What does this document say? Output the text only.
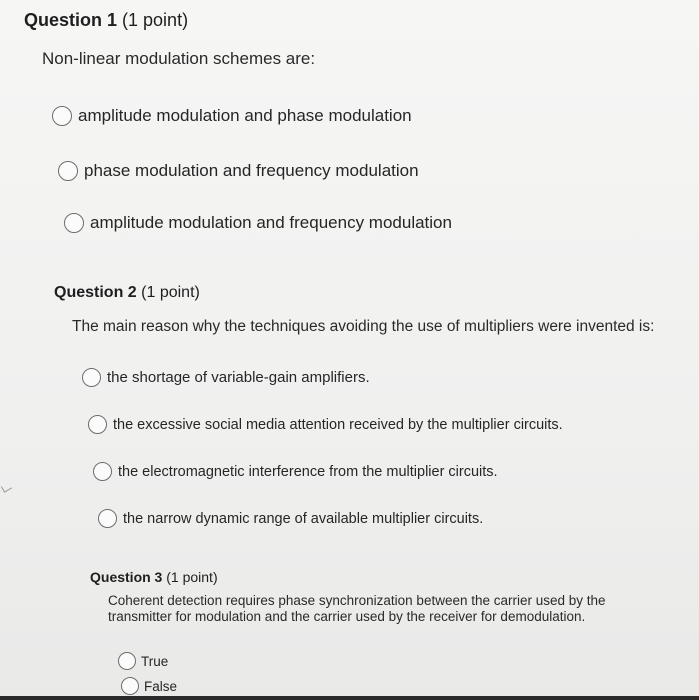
Question 1 (1 point)
Non-linear modulation schemes are:
amplitude modulation and phase modulation
phase modulation and frequency modulation
amplitude modulation and frequency modulation
Question 2 (1 point)
The main reason why the techniques avoiding the use of multipliers were invented is:
the shortage of variable-gain amplifiers.
the excessive social media attention received by the multiplier circuits.
the electromagnetic interference from the multiplier circuits.
the narrow dynamic range of available multiplier circuits.
Question 3 (1 point)
Coherent detection requires phase synchronization between the carrier used by the transmitter for modulation and the carrier used by the receiver for demodulation.
True
False
